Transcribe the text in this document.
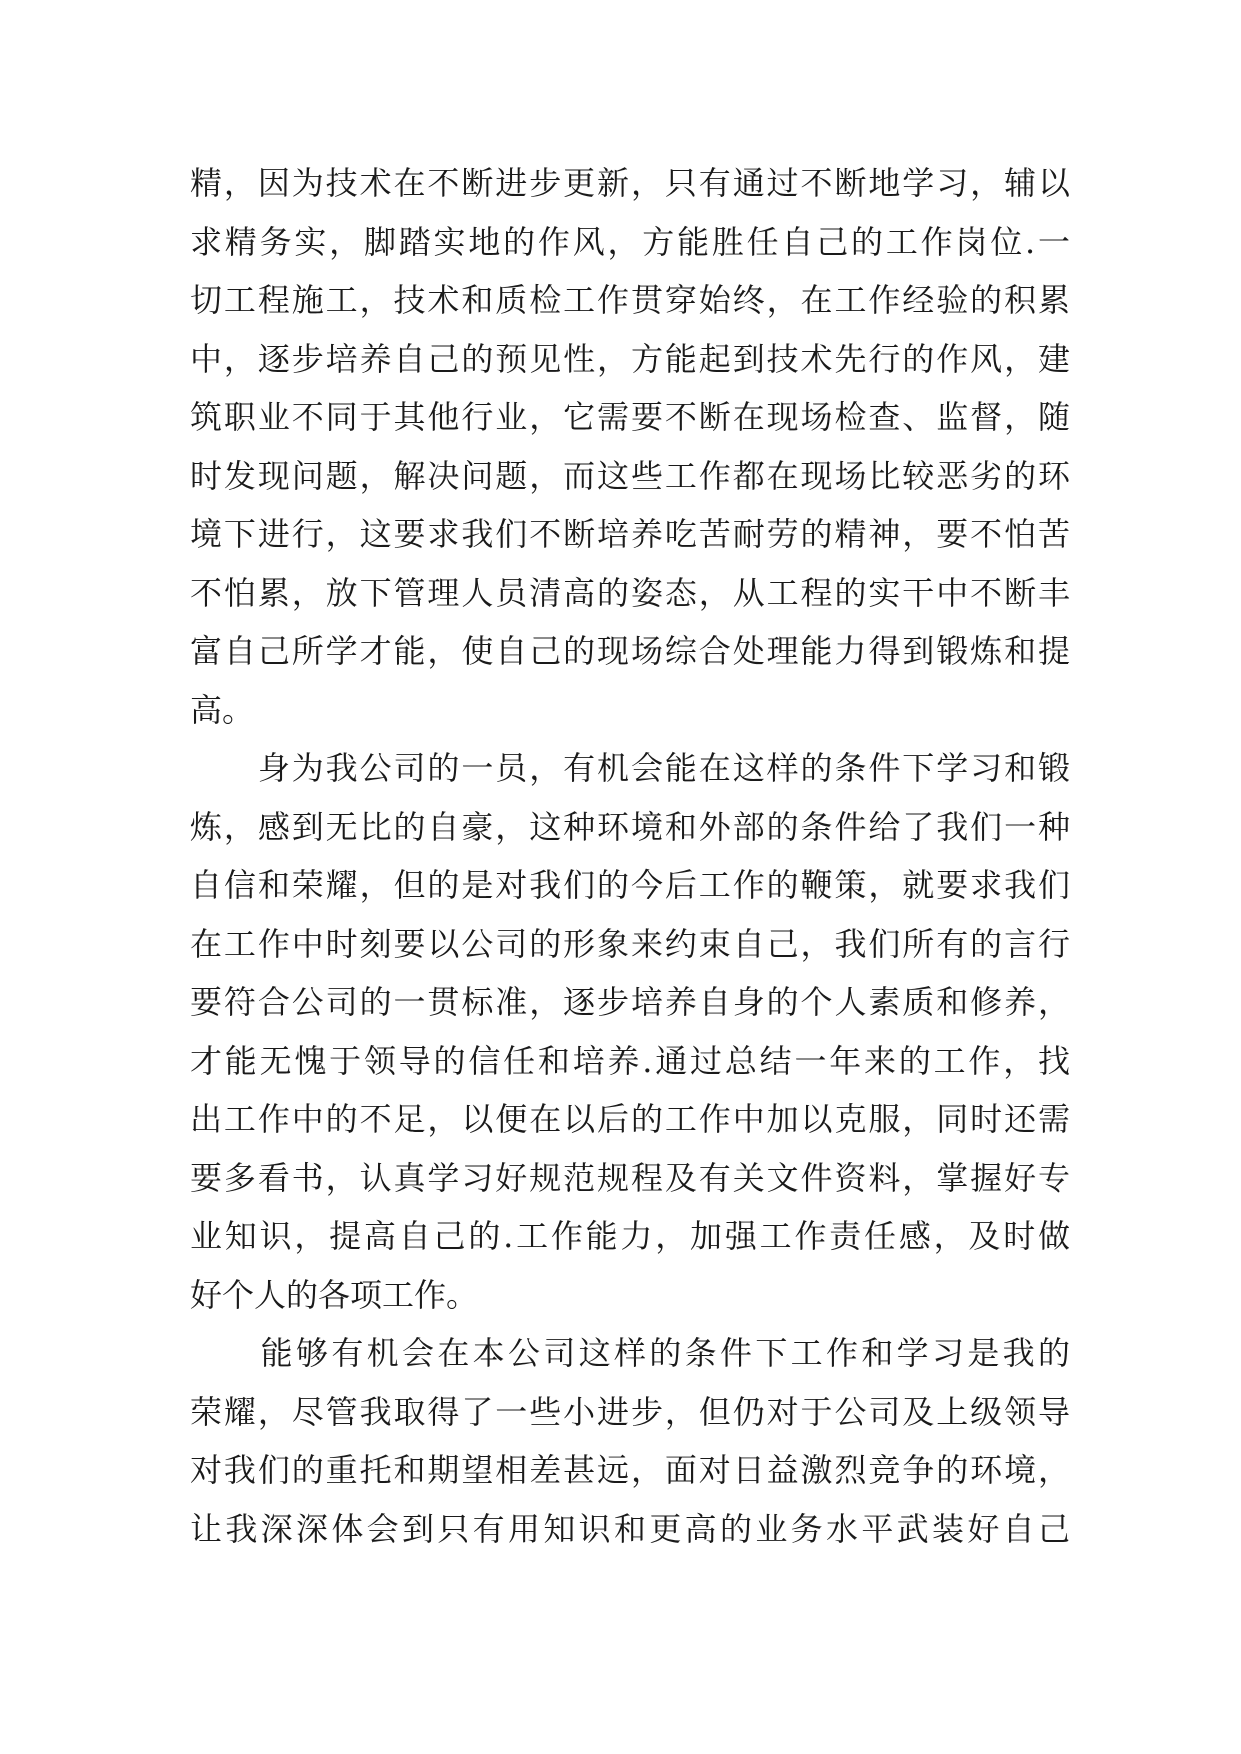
精，因为技术在不断进步更新，只有通过不断地学习，辅以
求精务实，脚踏实地的作风，方能胜任自己的工作岗位.一
切工程施工，技术和质检工作贯穿始终，在工作经验的积累
中，逐步培养自己的预见性，方能起到技术先行的作风，建
筑职业不同于其他行业，它需要不断在现场检查、监督，随
时发现问题，解决问题，而这些工作都在现场比较恶劣的环
境下进行，这要求我们不断培养吃苦耐劳的精神，要不怕苦
不怕累，放下管理人员清高的姿态，从工程的实干中不断丰
富自己所学才能，使自己的现场综合处理能力得到锻炼和提
高。
　　身为我公司的一员，有机会能在这样的条件下学习和锻
炼，感到无比的自豪，这种环境和外部的条件给了我们一种
自信和荣耀，但的是对我们的今后工作的鞭策，就要求我们
在工作中时刻要以公司的形象来约束自己，我们所有的言行
要符合公司的一贯标准，逐步培养自身的个人素质和修养，
才能无愧于领导的信任和培养.通过总结一年来的工作，找
出工作中的不足，以便在以后的工作中加以克服，同时还需
要多看书，认真学习好规范规程及有关文件资料，掌握好专
业知识，提高自己的.工作能力，加强工作责任感，及时做
好个人的各项工作。
　　能够有机会在本公司这样的条件下工作和学习是我的
荣耀，尽管我取得了一些小进步，但仍对于公司及上级领导
对我们的重托和期望相差甚远，面对日益激烈竞争的环境，
让我深深体会到只有用知识和更高的业务水平武装好自己
